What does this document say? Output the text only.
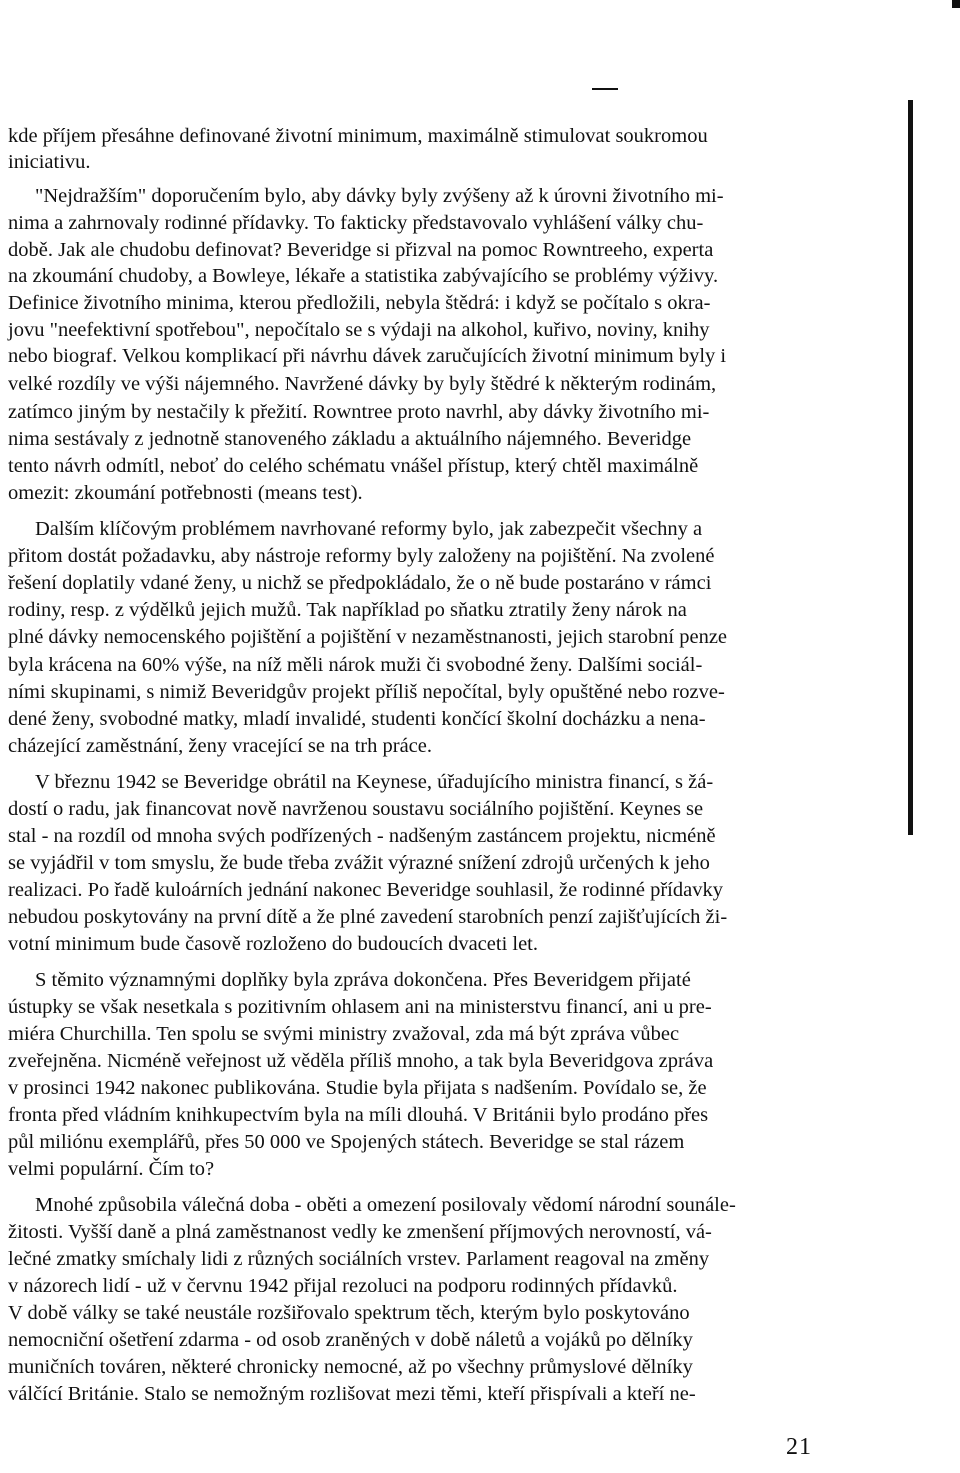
kde příjem přesáhne definované životní minimum, maximálně stimulovat soukromou
iniciativu.
"Nejdražším" doporučením bylo, aby dávky byly zvýšeny až k úrovni životního mi-
nima a zahrnovaly rodinné přídavky. To fakticky představovalo vyhlášení války chu-
době. Jak ale chudobu definovat? Beveridge si přizval na pomoc Rowntreeho, experta
na zkoumání chudoby, a Bowleye, lékaře a statistika zabývajícího se problémy výživy.
Definice životního minima, kterou předložili, nebyla štědrá: i když se počítalo s okra-
jovu "neefektivní spotřebou", nepočítalo se s výdaji na alkohol, kuřivo, noviny, knihy
nebo biograf. Velkou komplikací při návrhu dávek zaručujících životní minimum byly i
velké rozdíly ve výši nájemného. Navržené dávky by byly štědré k některým rodinám,
zatímco jiným by nestačily k přežití. Rowntree proto navrhl, aby dávky životního mi-
nima sestávaly z jednotně stanoveného základu a aktuálního nájemného. Beveridge
tento návrh odmítl, neboť do celého schématu vnášel přístup, který chtěl maximálně
omezit: zkoumání potřebnosti (means test).
Dalším klíčovým problémem navrhované reformy bylo, jak zabezpečit všechny a
přitom dostát požadavku, aby nástroje reformy byly založeny na pojištění. Na zvolené
řešení doplatily vdané ženy, u nichž se předpokládalo, že o ně bude postaráno v rámci
rodiny, resp. z výdělků jejich mužů. Tak například po sňatku ztratily ženy nárok na
plné dávky nemocenského pojištění a pojištění v nezaměstnanosti, jejich starobní penze
byla krácena na 60% výše, na níž měli nárok muži či svobodné ženy. Dalšími sociál-
ními skupinami, s nimiž Beveridgův projekt příliš nepočítal, byly opuštěné nebo rozve-
dené ženy, svobodné matky, mladí invalidé, studenti končící školní docházku a nena-
cházející zaměstnání, ženy vracející se na trh práce.
V březnu 1942 se Beveridge obrátil na Keynese, úřadujícího ministra financí, s žá-
dostí o radu, jak financovat nově navrženou soustavu sociálního pojištění. Keynes se
stal - na rozdíl od mnoha svých podřízených - nadšeným zastáncem projektu, nicméně
se vyjádřil v tom smyslu, že bude třeba zvážit výrazné snížení zdrojů určených k jeho
realizaci. Po řadě kuloárních jednání nakonec Beveridge souhlasil, že rodinné přídavky
nebudou poskytovány na první dítě a že plné zavedení starobních penzí zajišťujících ži-
votní minimum bude časově rozloženo do budoucích dvaceti let.
S těmito významnými doplňky byla zpráva dokončena. Přes Beveridgem přijaté
ústupky se však nesetkala s pozitivním ohlasem ani na ministerstvu financí, ani u pre-
miéra Churchilla. Ten spolu se svými ministry zvažoval, zda má být zpráva vůbec
zveřejněna. Nicméně veřejnost už věděla příliš mnoho, a tak byla Beveridgova zpráva
v prosinci 1942 nakonec publikována. Studie byla přijata s nadšením. Povídalo se, že
fronta před vládním knihkupectvím byla na míli dlouhá. V Británii bylo prodáno přes
půl miliónu exemplářů, přes 50 000 ve Spojených státech. Beveridge se stal rázem
velmi populární. Čím to?
Mnohé způsobila válečná doba - oběti a omezení posilovaly vědomí národní sounále-
žitosti. Vyšší daně a plná zaměstnanost vedly ke zmenšení příjmových nerovností, vá-
lečné zmatky smíchaly lidi z různých sociálních vrstev. Parlament reagoval na změny
v názorech lidí - už v červnu 1942 přijal rezoluci na podporu rodinných přídavků.
V době války se také neustále rozšiřovalo spektrum těch, kterým bylo poskytováno
nemocniční ošetření zdarma - od osob zraněných v době náletů a vojáků po dělníky
muničních továren, některé chronicky nemocné, až po všechny průmyslové dělníky
válčící Británie. Stalo se nemožným rozlišovat mezi těmi, kteří přispívali a kteří ne-
21
